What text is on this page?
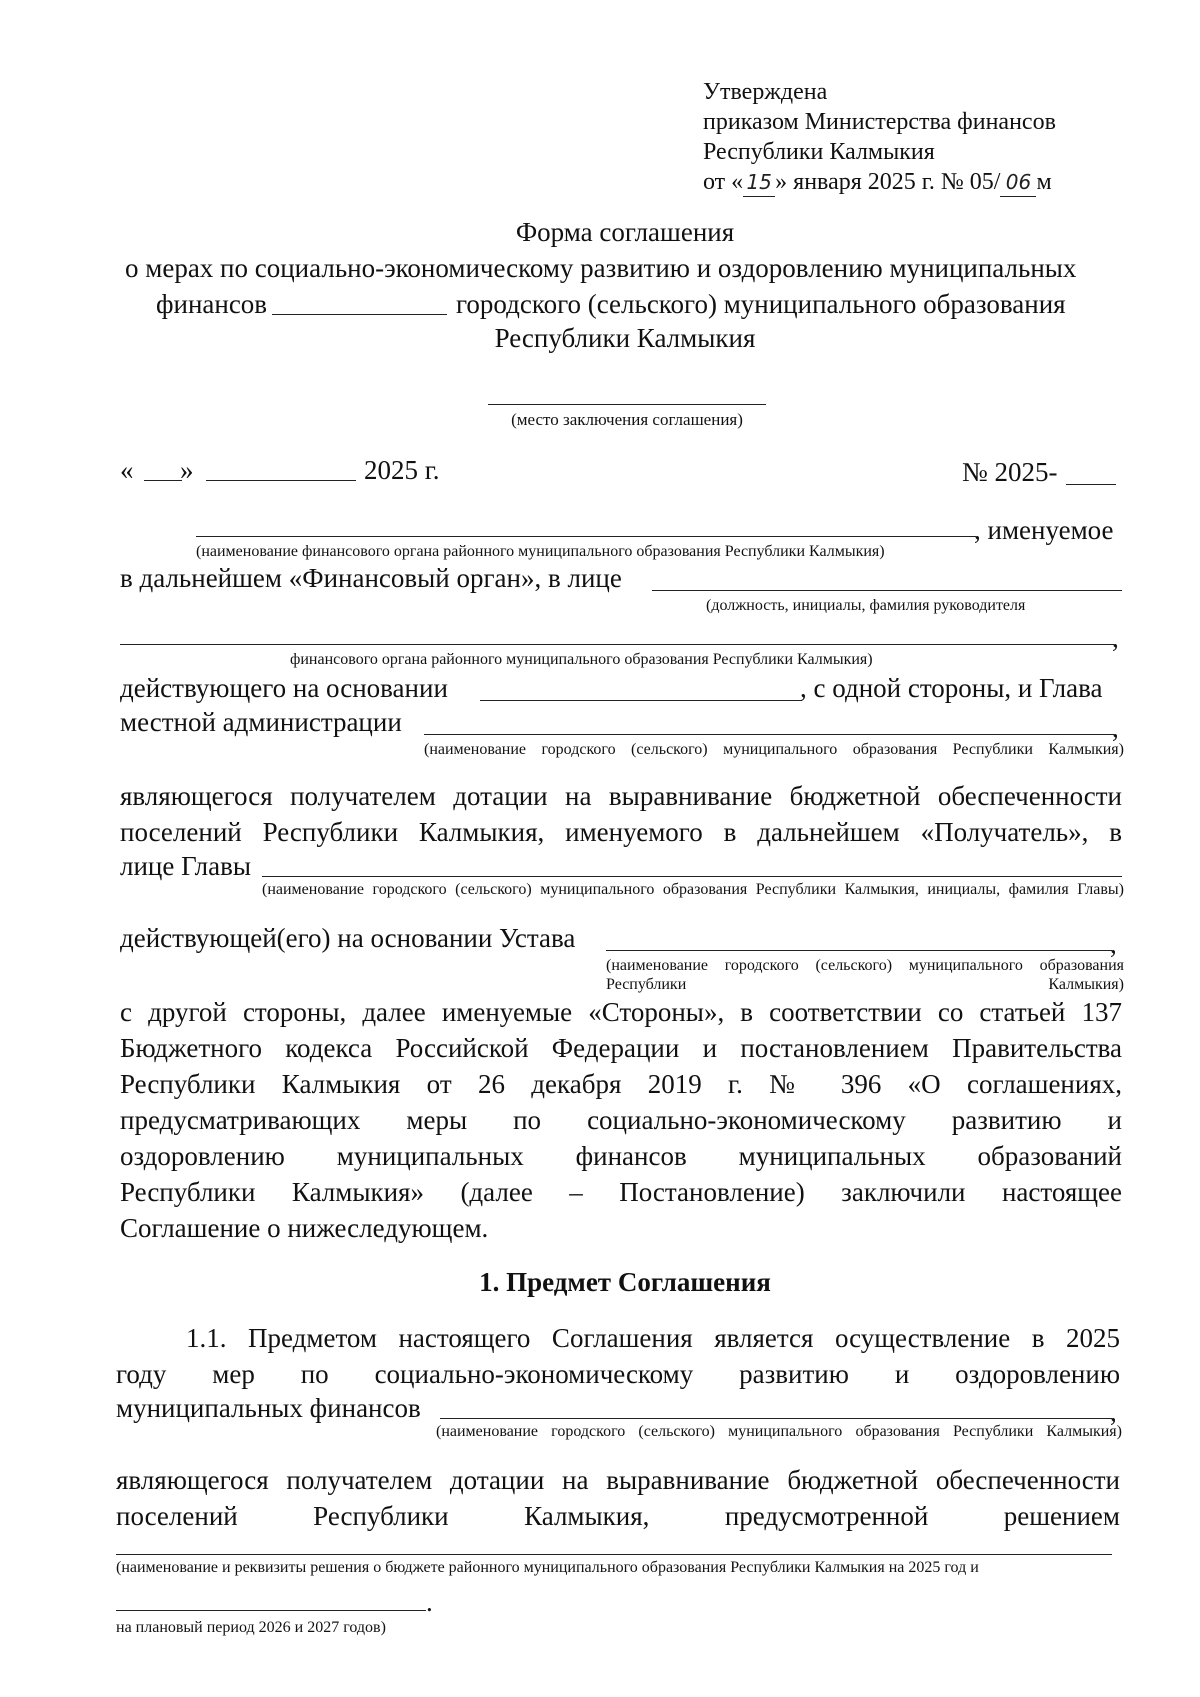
Утверждена
приказом Министерства финансов
Республики Калмыкия
от « 15 » января 2025 г. № 05/ 06 м
Форма соглашения
о мерах по социально-экономическому развитию и оздоровлению муниципальных
финансов	городского (сельского) муниципального образования
Республики Калмыкия
(место заключения соглашения)
« »	2025 г.	№ 2025-
, именуемое
(наименование финансового органа районного муниципального образования Республики Калмыкия)
в дальнейшем «Финансовый орган», в лице
(должность, инициалы, фамилия руководителя
,
финансового органа районного муниципального образования Республики Калмыкия)
действующего на основании	, с одной стороны, и Глава
местной администрации	,
(наименование городского (сельского) муниципального образования Республики Калмыкия)
являющегося получателем дотации на выравнивание бюджетной обеспеченности
поселений Республики Калмыкия, именуемого в дальнейшем «Получатель», в
лице Главы
(наименование городского (сельского) муниципального образования Республики Калмыкия, инициалы, фамилия Главы)
действующей(его) на основании Устава	,
(наименование городского (сельского) муниципального образования Республики Калмыкия)
с другой стороны, далее именуемые «Стороны», в соответствии со статьей 137
Бюджетного кодекса Российской Федерации и постановлением Правительства
Республики Калмыкия от 26 декабря 2019 г. № 396 «О соглашениях,
предусматривающих меры по социально-экономическому развитию и
оздоровлению муниципальных финансов муниципальных образований
Республики Калмыкия» (далее – Постановление) заключили настоящее
Соглашение о нижеследующем.
1. Предмет Соглашения
1.1. Предметом настоящего Соглашения является осуществление в 2025
году мер по социально-экономическому развитию и оздоровлению
муниципальных финансов	,
(наименование городского (сельского) муниципального образования Республики Калмыкия)
являющегося получателем дотации на выравнивание бюджетной обеспеченности
поселений Республики Калмыкия, предусмотренной решением
(наименование и реквизиты решения о бюджете районного муниципального образования Республики Калмыкия на 2025 год и
.
на плановый период 2026 и 2027 годов)
